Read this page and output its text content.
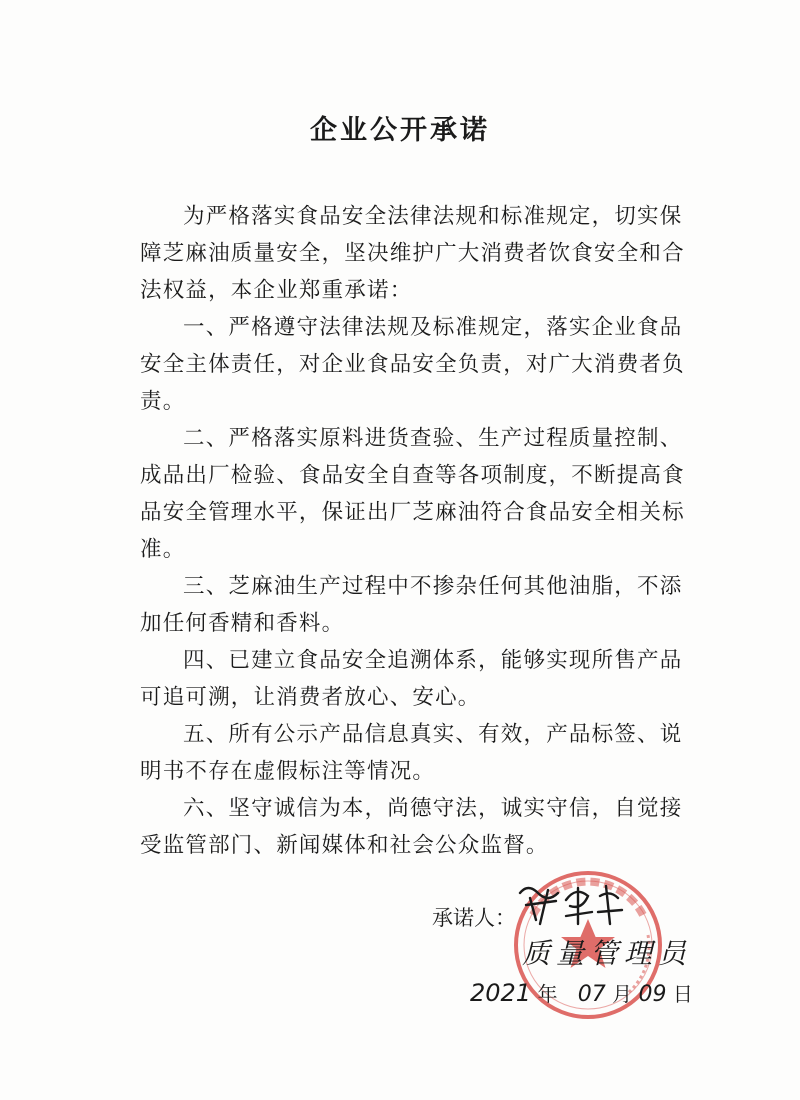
企业公开承诺

为严格落实食品安全法律法规和标准规定，切实保障芝麻油质量安全，坚决维护广大消费者饮食安全和合法权益，本企业郑重承诺：

一、严格遵守法律法规及标准规定，落实企业食品安全主体责任，对企业食品安全负责，对广大消费者负责。

二、严格落实原料进货查验、生产过程质量控制、成品出厂检验、食品安全自查等各项制度，不断提高食品安全管理水平，保证出厂芝麻油符合食品安全相关标准。

三、芝麻油生产过程中不掺杂任何其他油脂，不添加任何香精和香料。

四、已建立食品安全追溯体系，能够实现所售产品可追可溯，让消费者放心、安心。

五、所有公示产品信息真实、有效，产品标签、说明书不存在虚假标注等情况。

六、坚守诚信为本，尚德守法，诚实守信，自觉接受监管部门、新闻媒体和社会公众监督。

承诺人：
质量管理员
2021 年 07 月 09 日
